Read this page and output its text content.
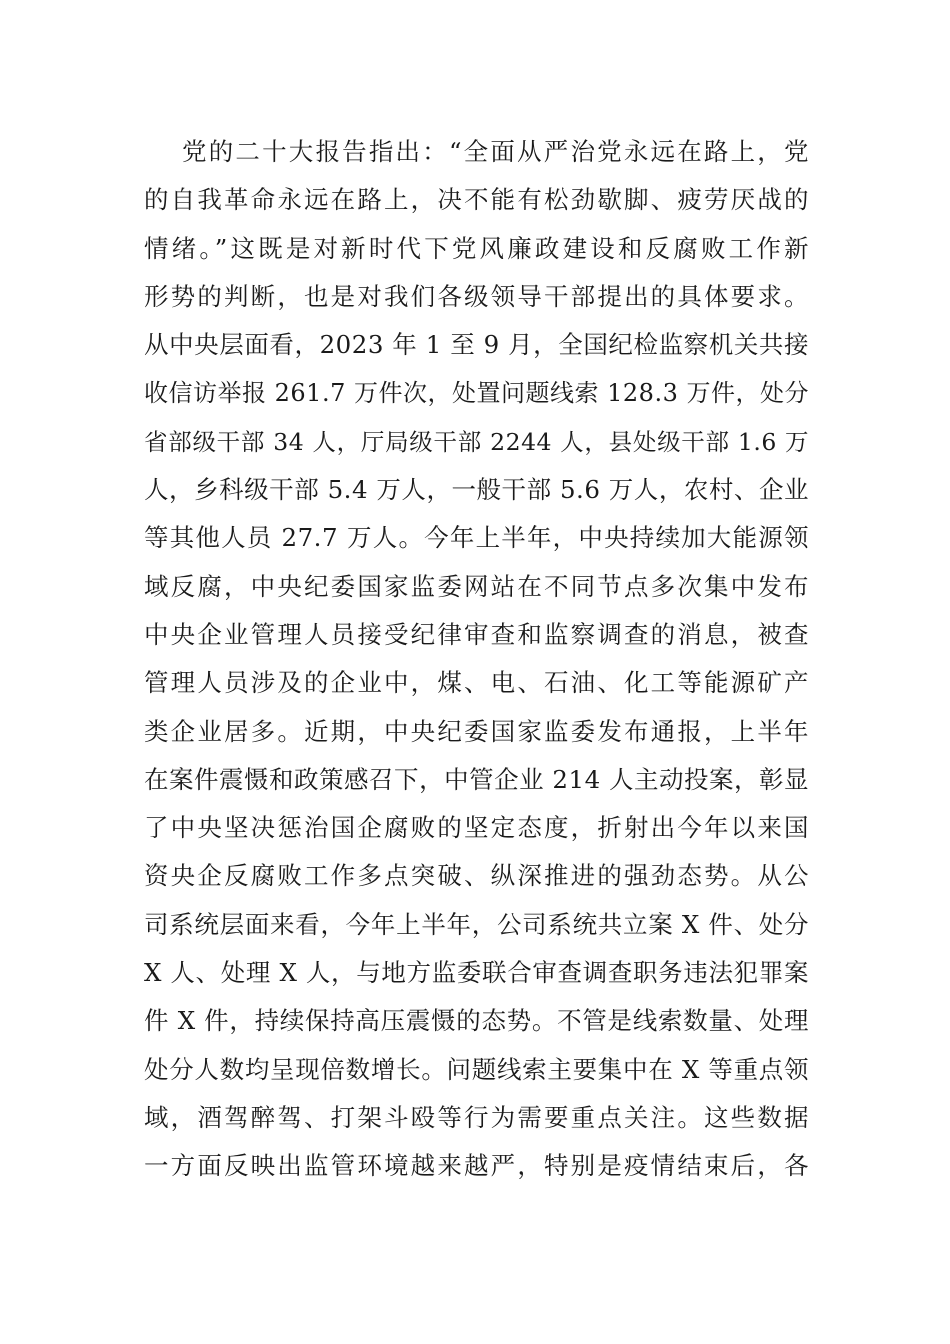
党的二十大报告指出：“全面从严治党永远在路上，党
的自我革命永远在路上，决不能有松劲歇脚、疲劳厌战的
情绪。”这既是对新时代下党风廉政建设和反腐败工作新
形势的判断，也是对我们各级领导干部提出的具体要求。
从中央层面看，2023 年 1 至 9 月，全国纪检监察机关共接
收信访举报 261.7 万件次，处置问题线索 128.3 万件，处分
省部级干部 34 人，厅局级干部 2244 人，县处级干部 1.6 万
人，乡科级干部 5.4 万人，一般干部 5.6 万人，农村、企业
等其他人员 27.7 万人。今年上半年，中央持续加大能源领
域反腐，中央纪委国家监委网站在不同节点多次集中发布
中央企业管理人员接受纪律审查和监察调查的消息，被查
管理人员涉及的企业中，煤、电、石油、化工等能源矿产
类企业居多。近期，中央纪委国家监委发布通报，上半年
在案件震慑和政策感召下，中管企业 214 人主动投案，彰显
了中央坚决惩治国企腐败的坚定态度，折射出今年以来国
资央企反腐败工作多点突破、纵深推进的强劲态势。从公
司系统层面来看，今年上半年，公司系统共立案 X 件、处分
X 人、处理 X 人，与地方监委联合审查调查职务违法犯罪案
件 X 件，持续保持高压震慑的态势。不管是线索数量、处理
处分人数均呈现倍数增长。问题线索主要集中在 X 等重点领
域，酒驾醉驾、打架斗殴等行为需要重点关注。这些数据
一方面反映出监管环境越来越严，特别是疫情结束后，各
